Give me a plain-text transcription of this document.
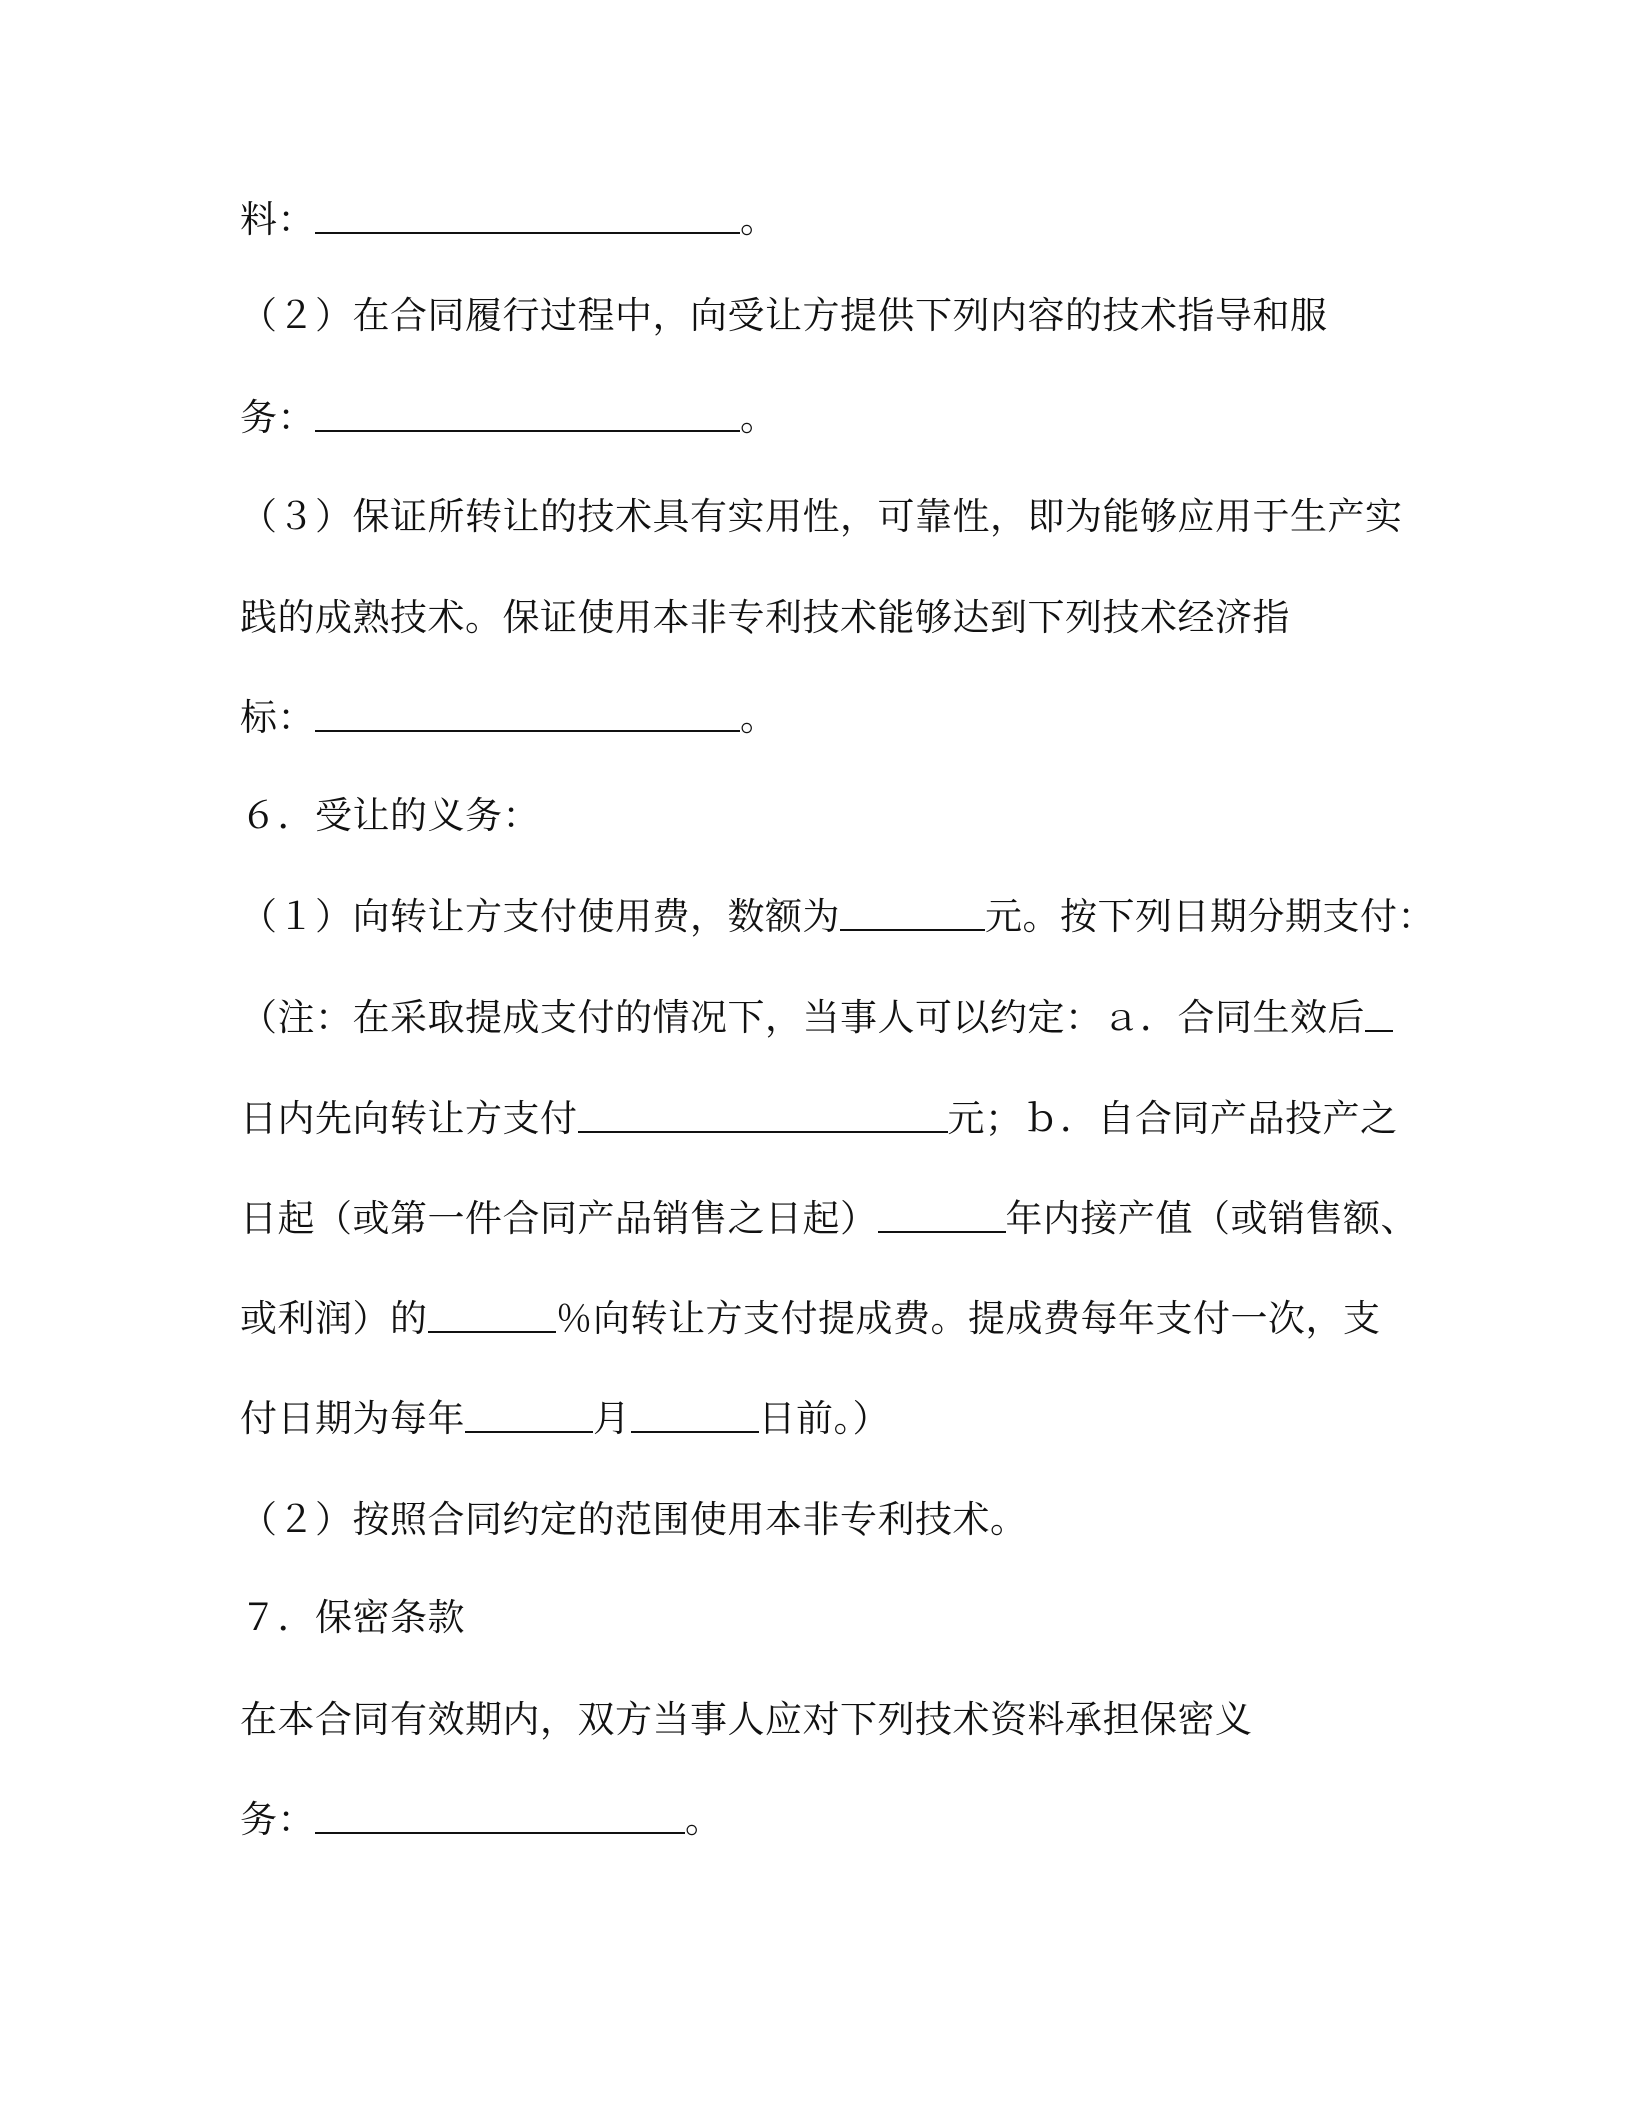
料：	。
（２）在合同履行过程中，向受让方提供下列内容的技术指导和服
务：	。
（３）保证所转让的技术具有实用性，可靠性，即为能够应用于生产实
践的成熟技术。保证使用本非专利技术能够达到下列技术经济指
标：	。
６．受让的义务：
（１）向转让方支付使用费，数额为	元。按下列日期分期支付：
（注：在采取提成支付的情况下，当事人可以约定：ａ．合同生效后
日内先向转让方支付	元；ｂ．自合同产品投产之
日起（或第一件合同产品销售之日起）	年内接产值（或销售额、
或利润）的	％向转让方支付提成费。提成费每年支付一次，支
付日期为每年	月	日前。）
（２）按照合同约定的范围使用本非专利技术。
７．保密条款
在本合同有效期内，双方当事人应对下列技术资料承担保密义
务：	。
